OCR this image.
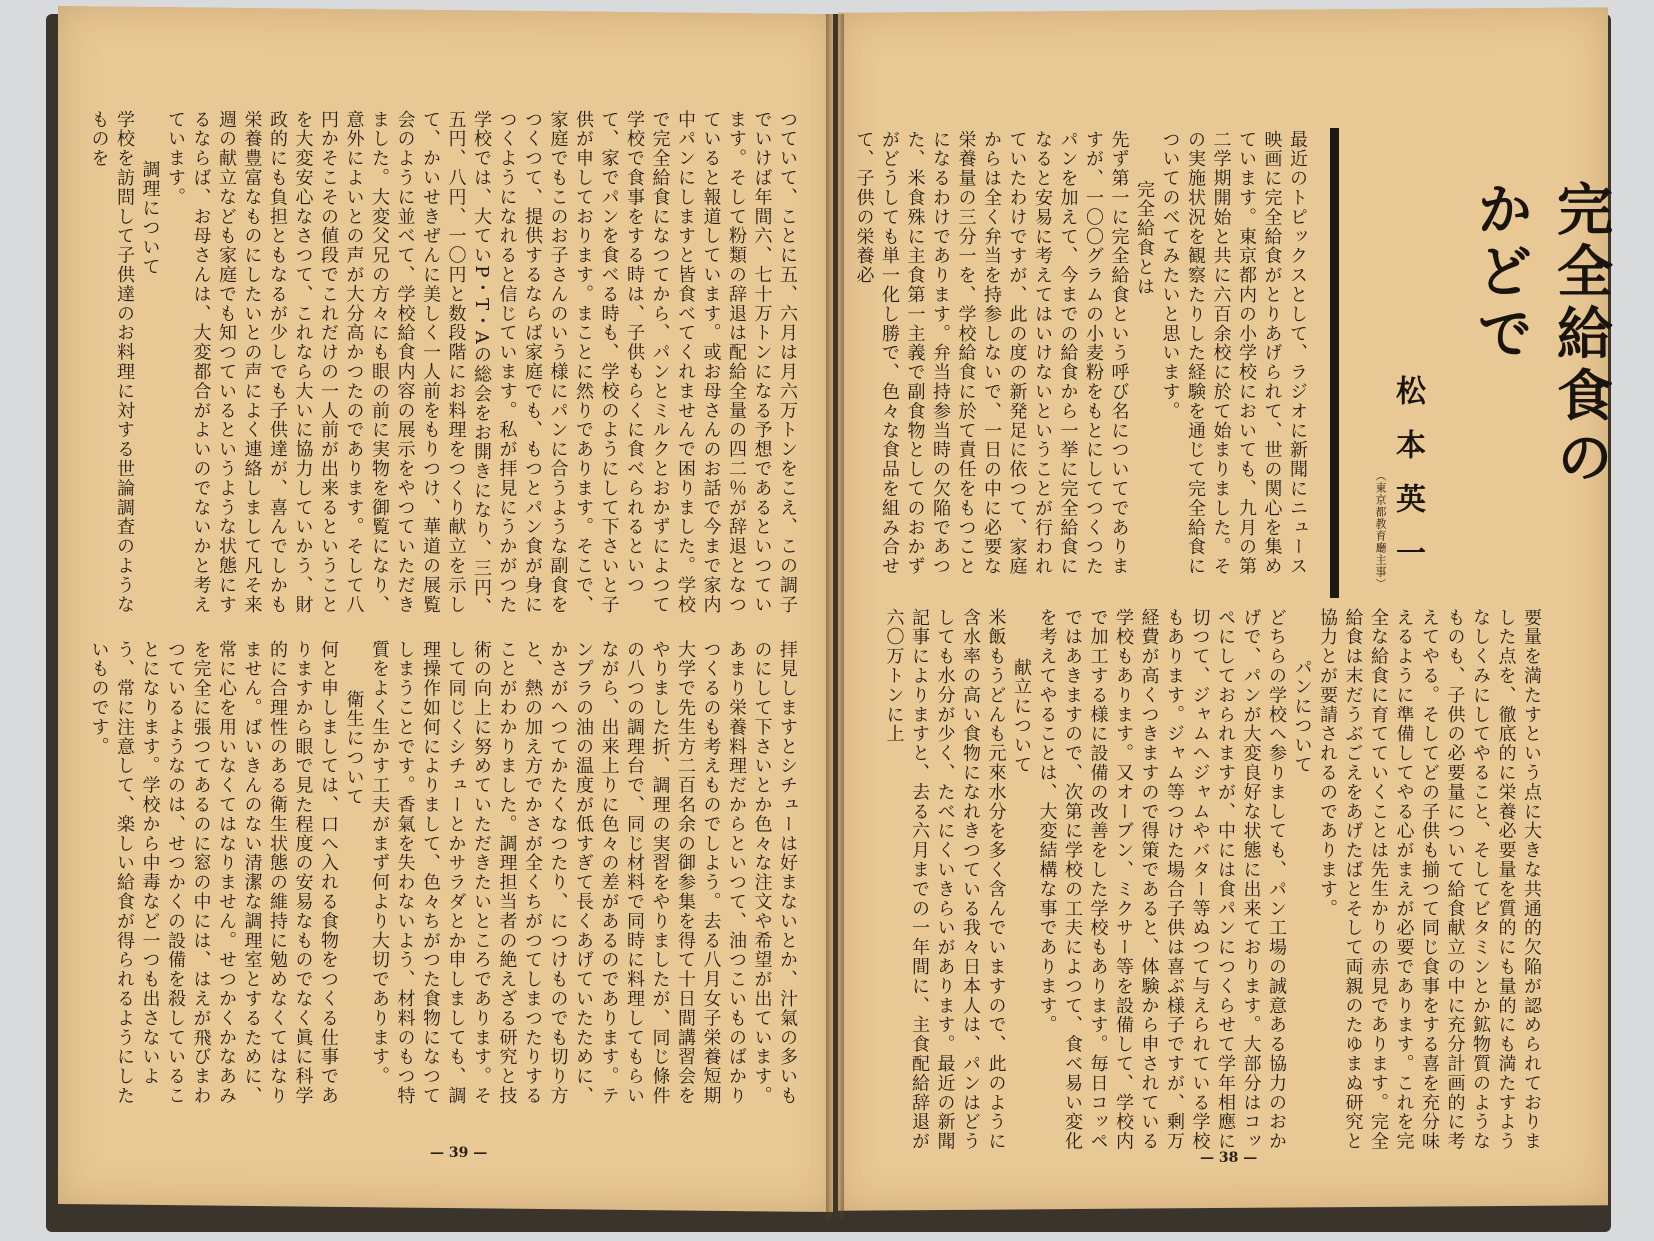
完全給食のかどで
松本英一
（東京都教育廳主事）

最近のトピックスとして、ラジオに新聞にニュース映画に完全給食がとりあげられて、世の関心を集めています。東京都内の小学校においても、九月の第二学期開始と共に六百余校に於て始まりました。その実施状況を観察たりした経験を通じて完全給食についてのべてみたいと思います。

完全給食とは

先ず第一に完全給食という呼び名についてでありますが、一〇〇グラムの小麦粉をもとにしてつくつたパンを加えて、今までの給食から一挙に完全給食になると安易に考えてはいけないということが行われていたわけですが、此の度の新発足に依つて、家庭からは全く弁当を持参しないで、一日の中に必要な栄養量の三分一を、学校給食に於て責任をもつことになるわけであります。弁当持参当時の欠陥であつた、米食殊に主食第一主義で副食物としてのおかずがどうしても単一化し勝で、色々な食品を組み合せて、子供の栄養必

要量を満たすという点に大きな共通的欠陥が認められておりました点を、徹底的に栄養必要量を質的にも量的にも満たすようなしくみにしてやること、そしてビタミンとか鉱物質のようなものも、子供の必要量について給食献立の中に充分計画的に考えてやる。そしてどの子供も揃つて同じ食事をする喜を充分味えるように準備してやる心がまえが必要であります。これを完全な給食に育てていくことは先生かりの赤見であります。完全給食は末だうぶごえをあげたばとそして両親のたゆまぬ研究と協力とが要請されるのであります。

パンについて

どちらの学校へ参りましても、パン工場の誠意ある協力のおかげで、パンが大変良好な状態に出来ております。大部分はコッペにしておられますが、中には食パンにつくらせて学年相應に切つて、ジャムへジャムやバター等ぬつて与えられている学校もあります。ジャム等つけた場合子供は喜ぶ様子ですが、剰万経費が高くつきますので得策であると、体験から申されている学校もあります。又オーブン、ミクサー等を設備して、学校内で加工する様に設備の改善をした学校もあります。毎日コッペではあきますので、次第に学校の工夫によつて、食べ易い変化を考えてやることは、大変結構な事であります。

献立について

米飯もうどんも元來水分を多く含んでいますので、此のように含水率の高い食物になれきつている我々日本人は、パンはどうしても水分が少く、たべにくいきらいがあります。最近の新聞記事によりますと、去る六月までの一年間に、主食配給辞退が六〇万トンに上

— 38 —

つていて、ことに五、六月は月六万トンをこえ、この調子でいけば年間六、七十万トンになる予想であるといつています。そして粉類の辞退は配給全量の四二％が辞退となつていると報道しています。或お母さんのお話で今まで家内中パンにしますと皆食べてくれませんで困りました。学校で完全給食になつてから、パンとミルクとおかずによつて学校で食事をする時は、子供もらくに食べられるといつて、家でパンを食べる時も、学校のようにして下さいと子供が申しております。まことに然りであります。そこで、家庭でもこのお子さんのいう様にパンに合うような副食をつくつて、提供するならば家庭でも、もつとパン食が身につくようになれると信じています。私が拝見にうかがつた学校では、大ていP・T・Aの総会をお開きになり、三円、五円、八円、一〇円と数段階にお料理をつくり献立を示して、かいせきぜんに美しく一人前をもりつけ、華道の展覧会のように並べて、学校給食内容の展示をやつていただきました。大変父兄の方々にも眼の前に実物を御覧になり、意外によいとの声が大分高かつたのであります。そして八円かそこその値段でこれだけの一人前が出来るということを大変安心なさつて、これなら大いに協力していかう、財政的にも負担ともなるが少しでも子供達が、喜んでしかも栄養豊富なものにしたいとの声によく連絡しまして凡そ来週の献立なども家庭でも知つているというような状態にするならば、お母さんは、大変都合がよいのでないかと考えています。

調理について

学校を訪問して子供達のお料理に対する世論調査のようなものを

拝見しますとシチューは好まないとか、汁氣の多いものにして下さいとか色々な注文や希望が出ています。あまり栄養料理だからといつて、油つこいものばかりつくるのも考えものでしよう。去る八月女子栄養短期大学で先生方二百名余の御参集を得て十日間講習会をやりました折、調理の実習をやりましたが、同じ條件の八つの調理台で、同じ材料で同時に料理してもらいながら、出来上りに色々の差があるのであります。テンプラの油の温度が低すぎて長くあげていたために、かさがへつてかたくなつたり、につけものでも切り方と、熱の加え方でかさが全くちがつてしまつたりすることがわかりました。調理担当者の絶えざる研究と技術の向上に努めていただきたいところであります。そして同じくシチューとかサラダとか申しましても、調理操作如何によりまして、色々ちがつた食物になつてしまうことです。香氣を失わないよう、材料のもつ特質をよく生かす工夫がまず何より大切であります。

衛生について

何と申しましては、口へ入れる食物をつくる仕事でありますから眼で見た程度の安易なものでなく眞に科学的に合理性のある衛生状態の維持に勉めなくてはなりません。ばいきんのない清潔な調理室とするために、常に心を用いなくてはなりません。せつかくかなあみを完全に張つてあるのに窓の中には、はえが飛びまわつているようなのは、せつかくの設備を殺していることになります。学校から中毒など一つも出さないよう、常に注意して、楽しい給食が得られるようにしたいものです。

— 39 —
